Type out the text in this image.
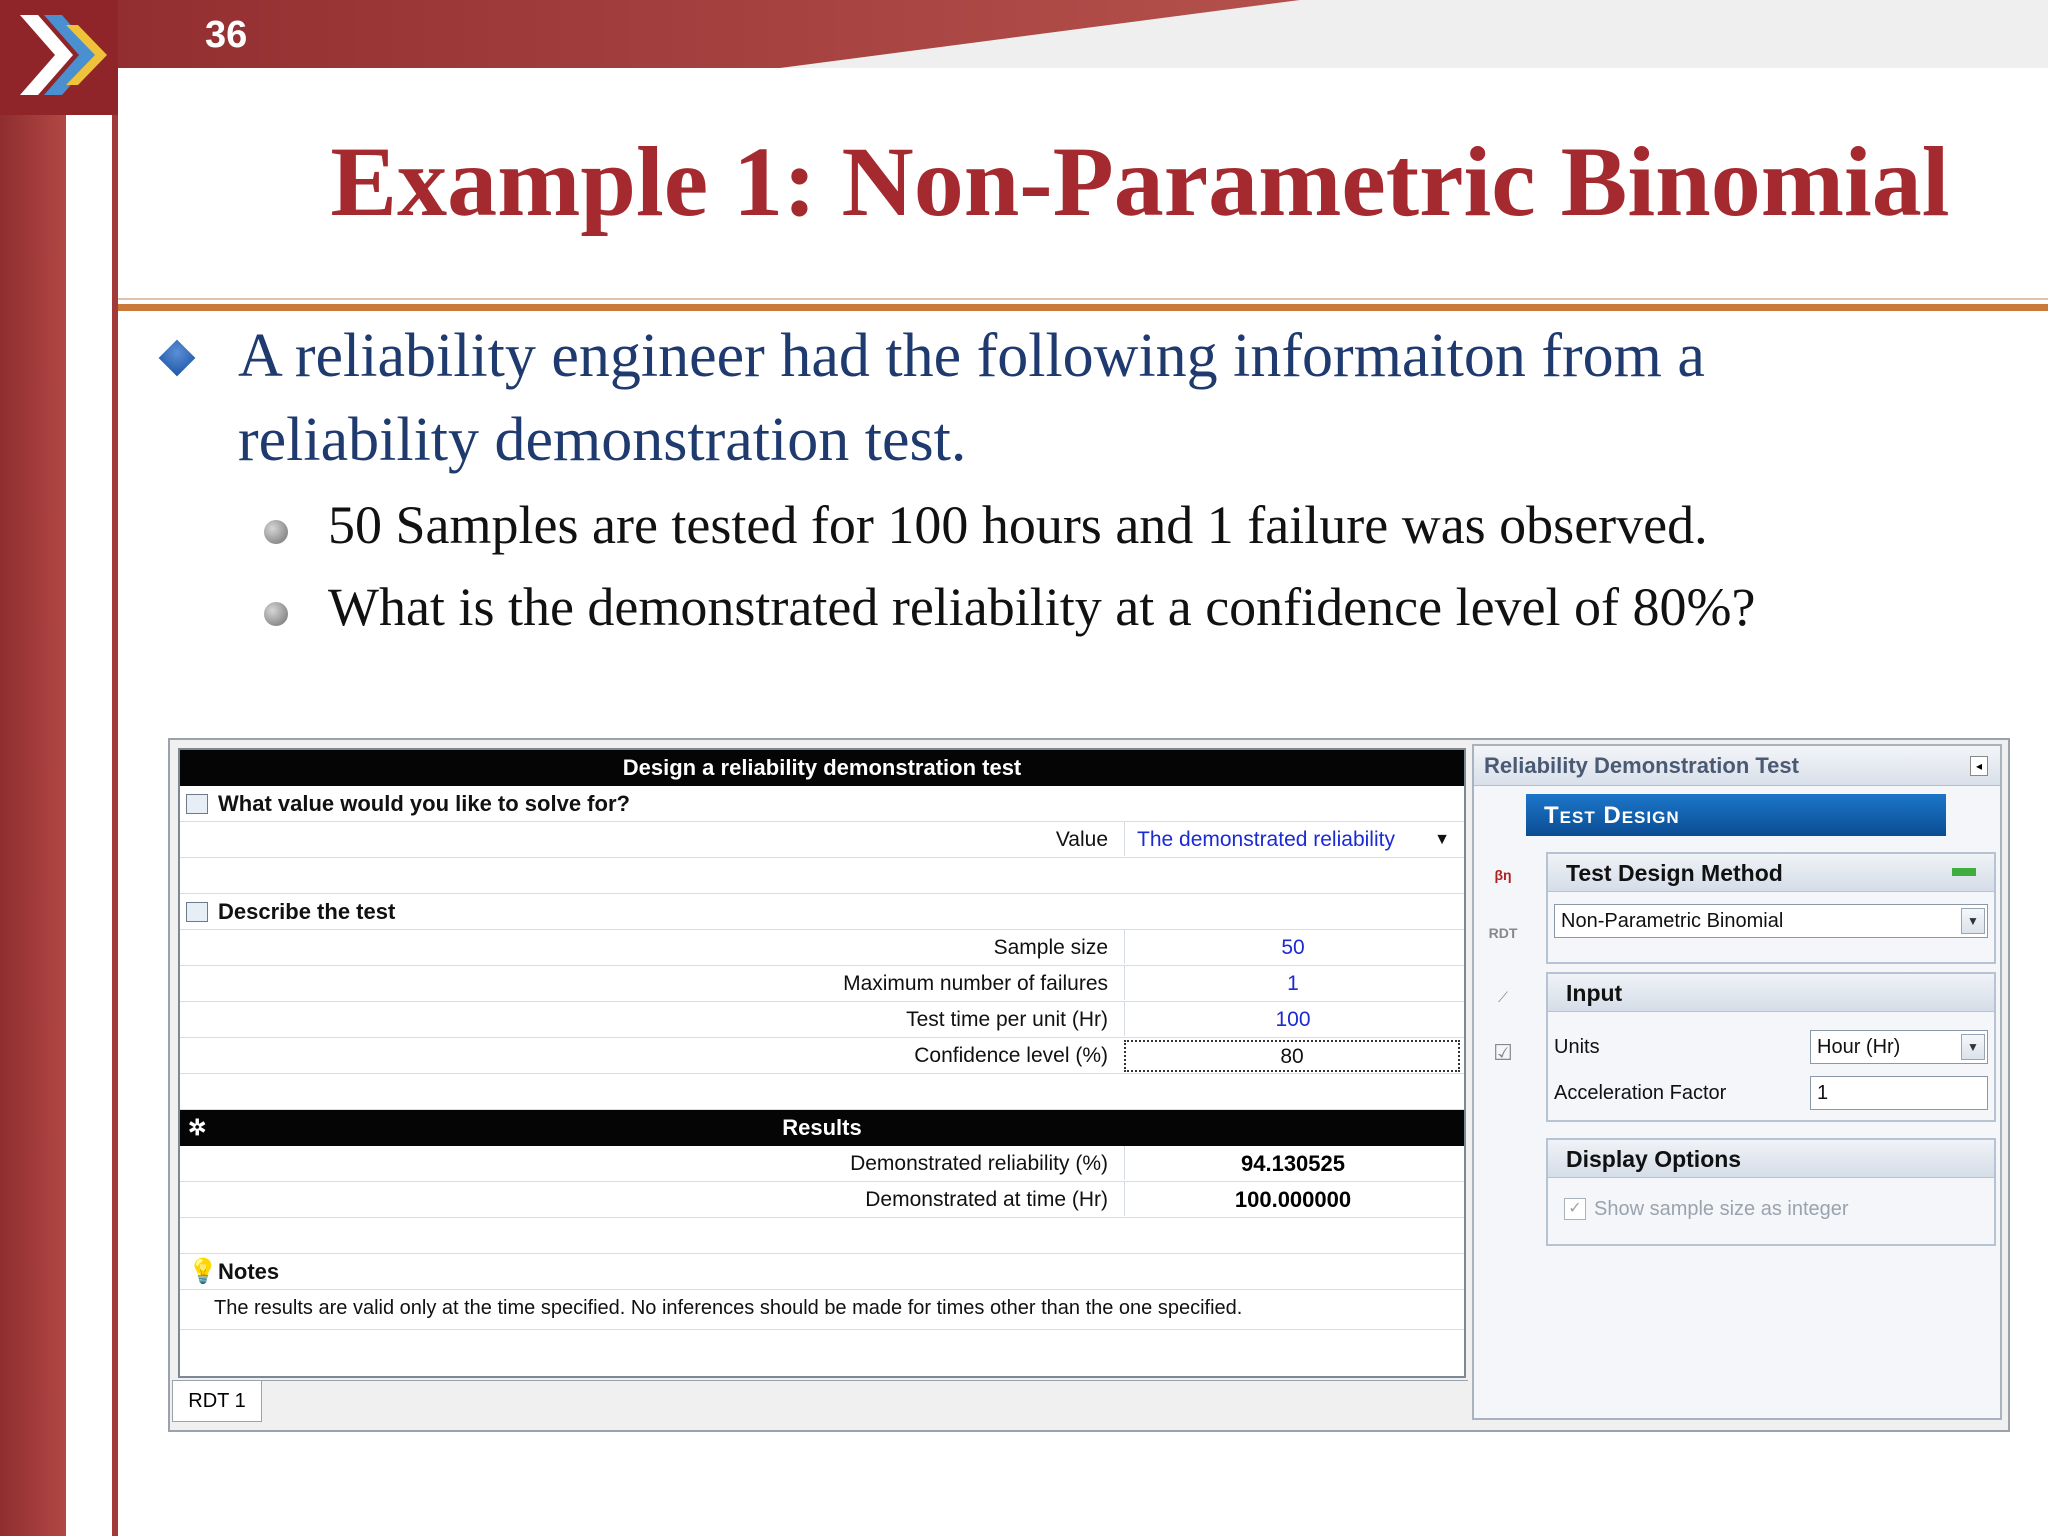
36
Example 1: Non-Parametric Binomial
A reliability engineer had the following informaiton from a reliability demonstration test.
50 Samples are tested for 100 hours and 1 failure was observed.
What is the demonstrated reliability at a confidence level of 80%?
Design a reliability demonstration test
What value would you like to solve for?
Value	The demonstrated reliability ▼
Describe the test
Sample size	50
Maximum number of failures	1
Test time per unit (Hr)	100
Confidence level (%)	80
✲	Results
Demonstrated reliability (%)	94.130525
Demonstrated at time (Hr)	100.000000
💡 Notes
The results are valid only at the time specified. No inferences should be made for times other than the one specified.
RDT 1
Reliability Demonstration Test	◂
Test Design
βη
RDT
⟋
☑
Test Design Method
Non-Parametric Binomial	▼
Input
Units	Hour (Hr)	▼
Acceleration Factor	1
Display Options
✓ Show sample size as integer
